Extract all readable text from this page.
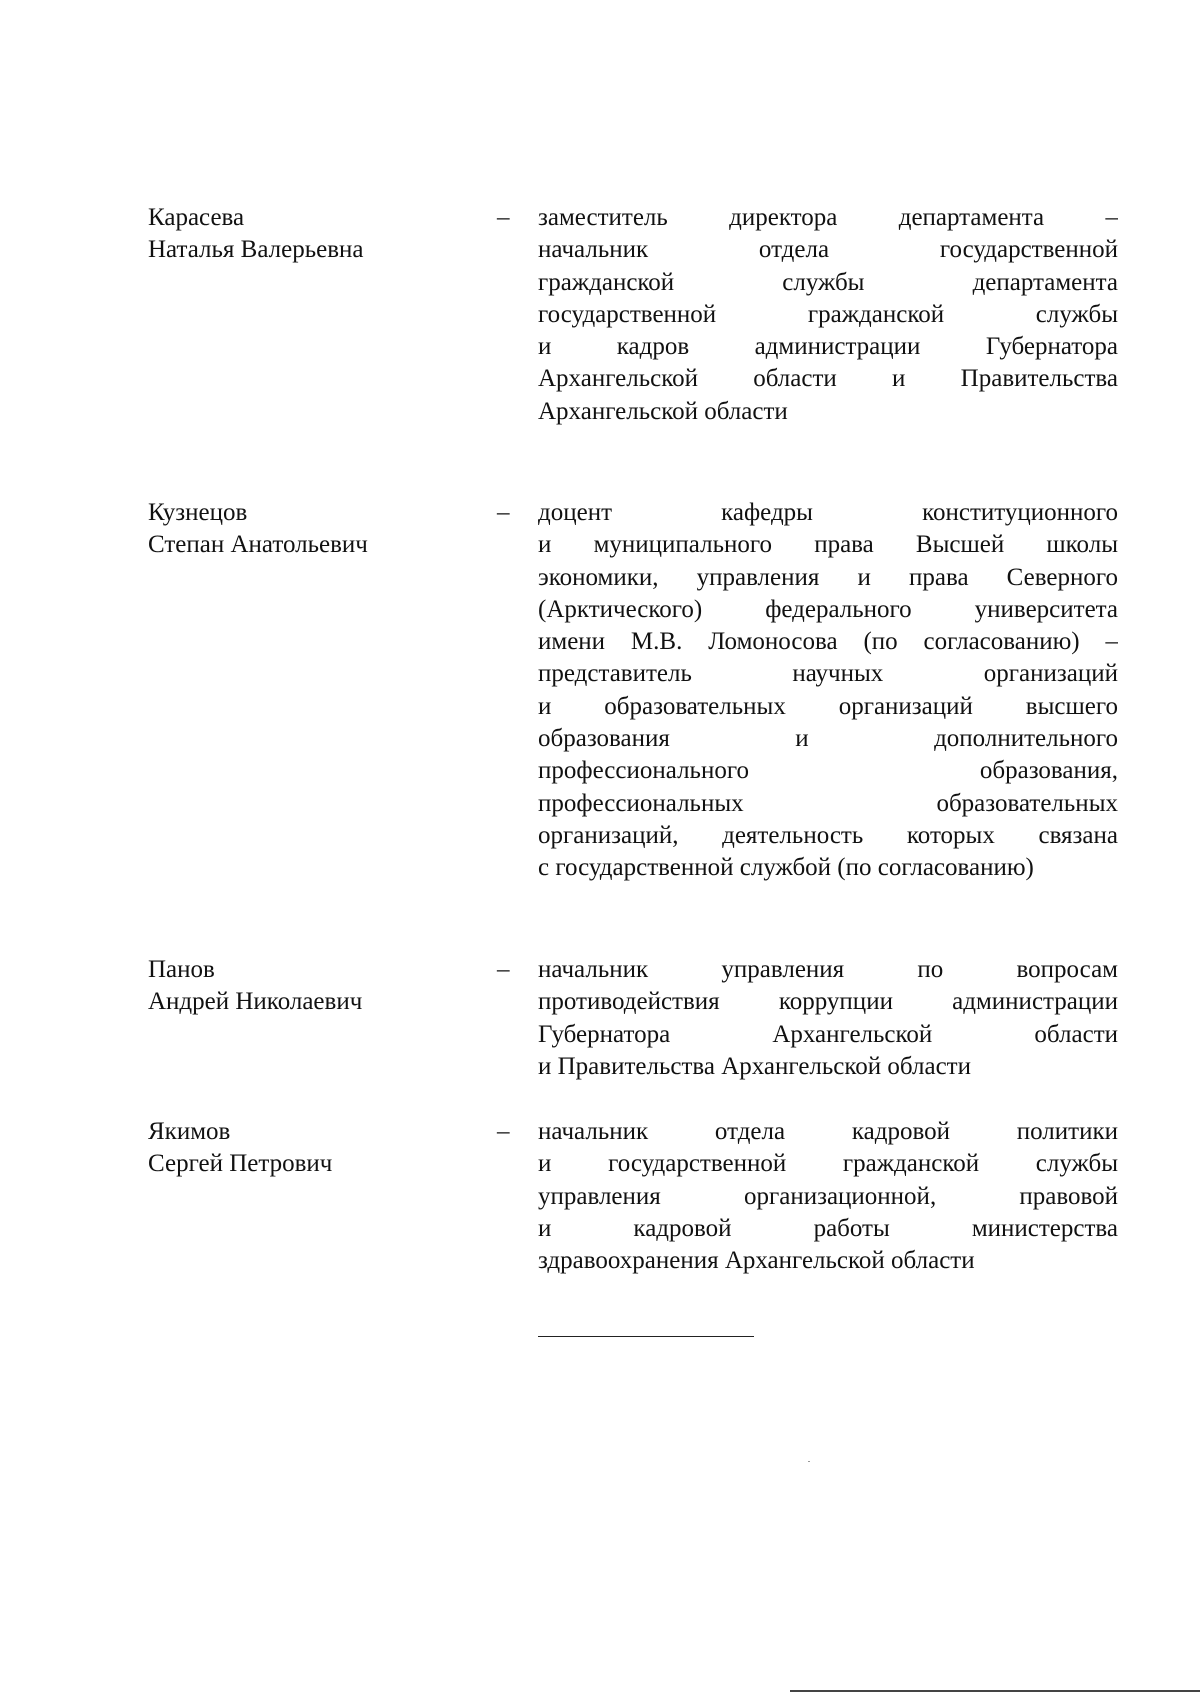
Карасева
Наталья Валерьевна
– заместитель директора департамента –
начальник отдела государственной
гражданской службы департамента
государственной гражданской службы
и кадров администрации Губернатора
Архангельской области и Правительства
Архангельской области
Кузнецов
Степан Анатольевич
– доцент кафедры конституционного
и муниципального права Высшей школы
экономики, управления и права Северного
(Арктического) федерального университета
имени М.В. Ломоносова (по согласованию) –
представитель научных организаций
и образовательных организаций высшего
образования и дополнительного
профессионального образования,
профессиональных образовательных
организаций, деятельность которых связана
с государственной службой (по согласованию)
Панов
Андрей Николаевич
– начальник управления по вопросам
противодействия коррупции администрации
Губернатора Архангельской области
и Правительства Архангельской области
Якимов
Сергей Петрович
– начальник отдела кадровой политики
и государственной гражданской службы
управления организационной, правовой
и кадровой работы министерства
здравоохранения Архангельской области
